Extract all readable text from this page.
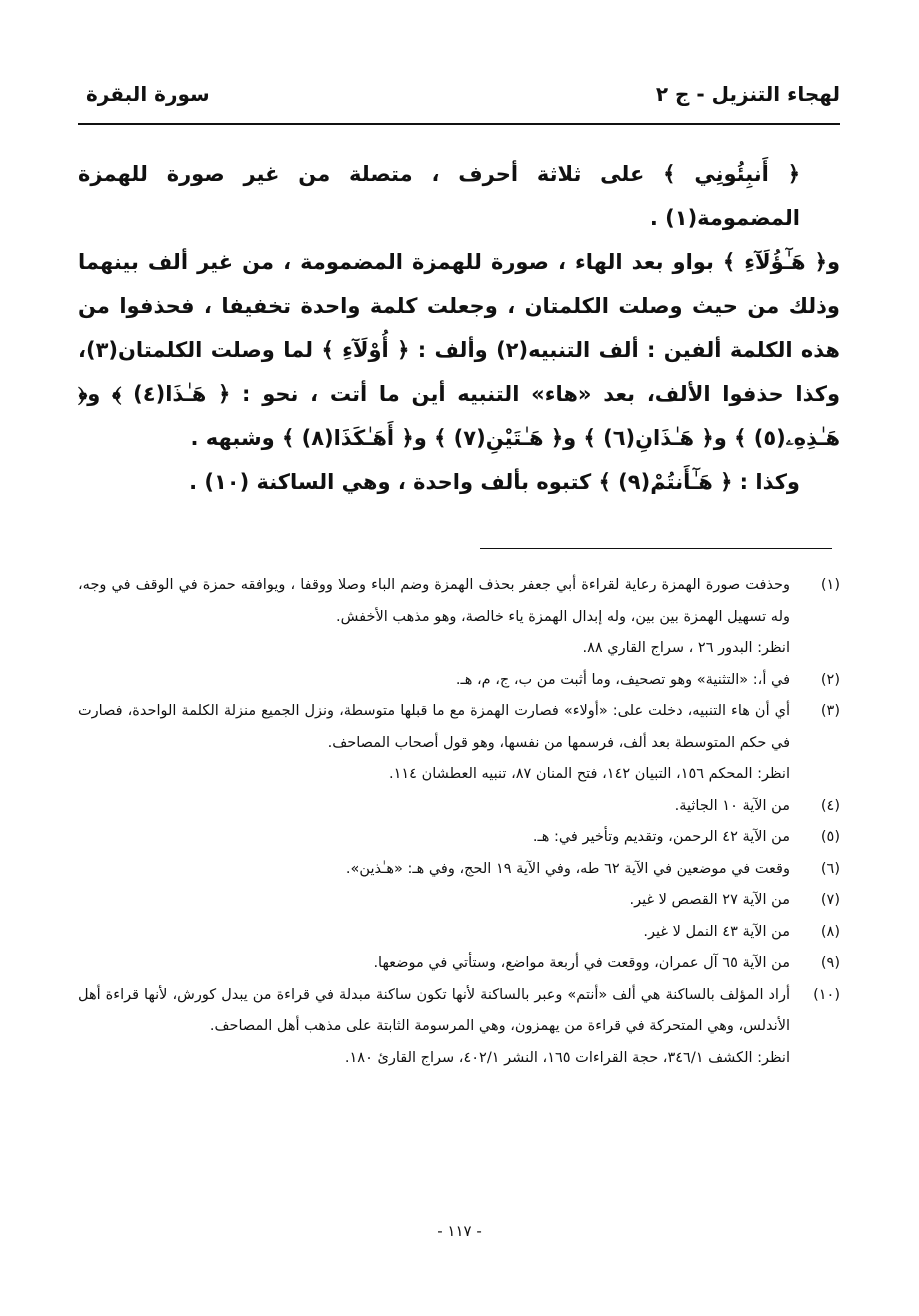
لهجاء التنزيل - ج ٢
سورة البقرة

﴿ أَنبِئُونِي ﴾ على ثلاثة أحرف ، متصلة من غير صورة للهمزة المضمومة(١) .

و﴿ هَـٰٓؤُلَآءِ ﴾ بواو بعد الهاء ، صورة للهمزة المضمومة ، من غير ألف بينهما وذلك من حيث وصلت الكلمتان ، وجعلت كلمة واحدة تخفيفا ، فحذفوا من هذه الكلمة ألفين : ألف التنبيه(٢) وألف : ﴿ أُوْلَآءِ ﴾ لما وصلت الكلمتان(٣)، وكذا حذفوا الألف، بعد «هاء» التنبيه أين ما أتت ، نحو : ﴿ هَـٰذَا(٤) ﴾ و﴿ هَـٰذِهِۦ(٥) ﴾ و﴿ هَـٰذَانِ(٦) ﴾ و﴿ هَـٰتَيْنِ(٧) ﴾ و﴿ أَهَـٰكَذَا(٨) ﴾ وشبهه .

وكذا : ﴿ هَـٰٓأَنتُمْ(٩) ﴾ كتبوه بألف واحدة ، وهي الساكنة (١٠) .

(١)
وحذفت صورة الهمزة رعاية لقراءة أبي جعفر بحذف الهمزة وضم الباء وصلا ووقفا ، ويوافقه حمزة في الوقف في وجه، وله تسهيل الهمزة بين بين، وله إبدال الهمزة ياء خالصة، وهو مذهب الأخفش.
انظر: البدور ٢٦ ، سراج القاري ٨٨.
(٢)
في أ،: «التثنية» وهو تصحيف، وما أثبت من ب، ج، م، هـ.
(٣)
أي أن هاء التنبيه، دخلت على: «أولاء» فصارت الهمزة مع ما قبلها متوسطة، ونزل الجميع منزلة الكلمة الواحدة، فصارت في حكم المتوسطة بعد ألف، فرسمها من نفسها، وهو قول أصحاب المصاحف.
انظر: المحكم ١٥٦، التبيان ١٤٢، فتح المنان ٨٧، تنبيه العطشان ١١٤.
(٤)
من الآية ١٠ الجاثية.
(٥)
من الآية ٤٢ الرحمن، وتقديم وتأخير في: هـ.
(٦)
وقعت في موضعين في الآية ٦٢ طه، وفي الآية ١٩ الحج، وفي هـ: «هـٰذين».
(٧)
من الآية ٢٧ القصص لا غير.
(٨)
من الآية ٤٣ النمل لا غير.
(٩)
من الآية ٦٥ آل عمران، ووقعت في أربعة مواضع، وستأتي في موضعها.
(١٠)
أراد المؤلف بالساكنة هي ألف «أنتم» وعبر بالساكنة لأنها تكون ساكنة مبدلة في قراءة من يبدل كورش، لأنها قراءة أهل الأندلس، وهي المتحركة في قراءة من يهمزون، وهي المرسومة الثابتة على مذهب أهل المصاحف.
انظر: الكشف ٣٤٦/١، حجة القراءات ١٦٥، النشر ٤٠٢/١، سراج القارئ ١٨٠.
- ١١٧ -
